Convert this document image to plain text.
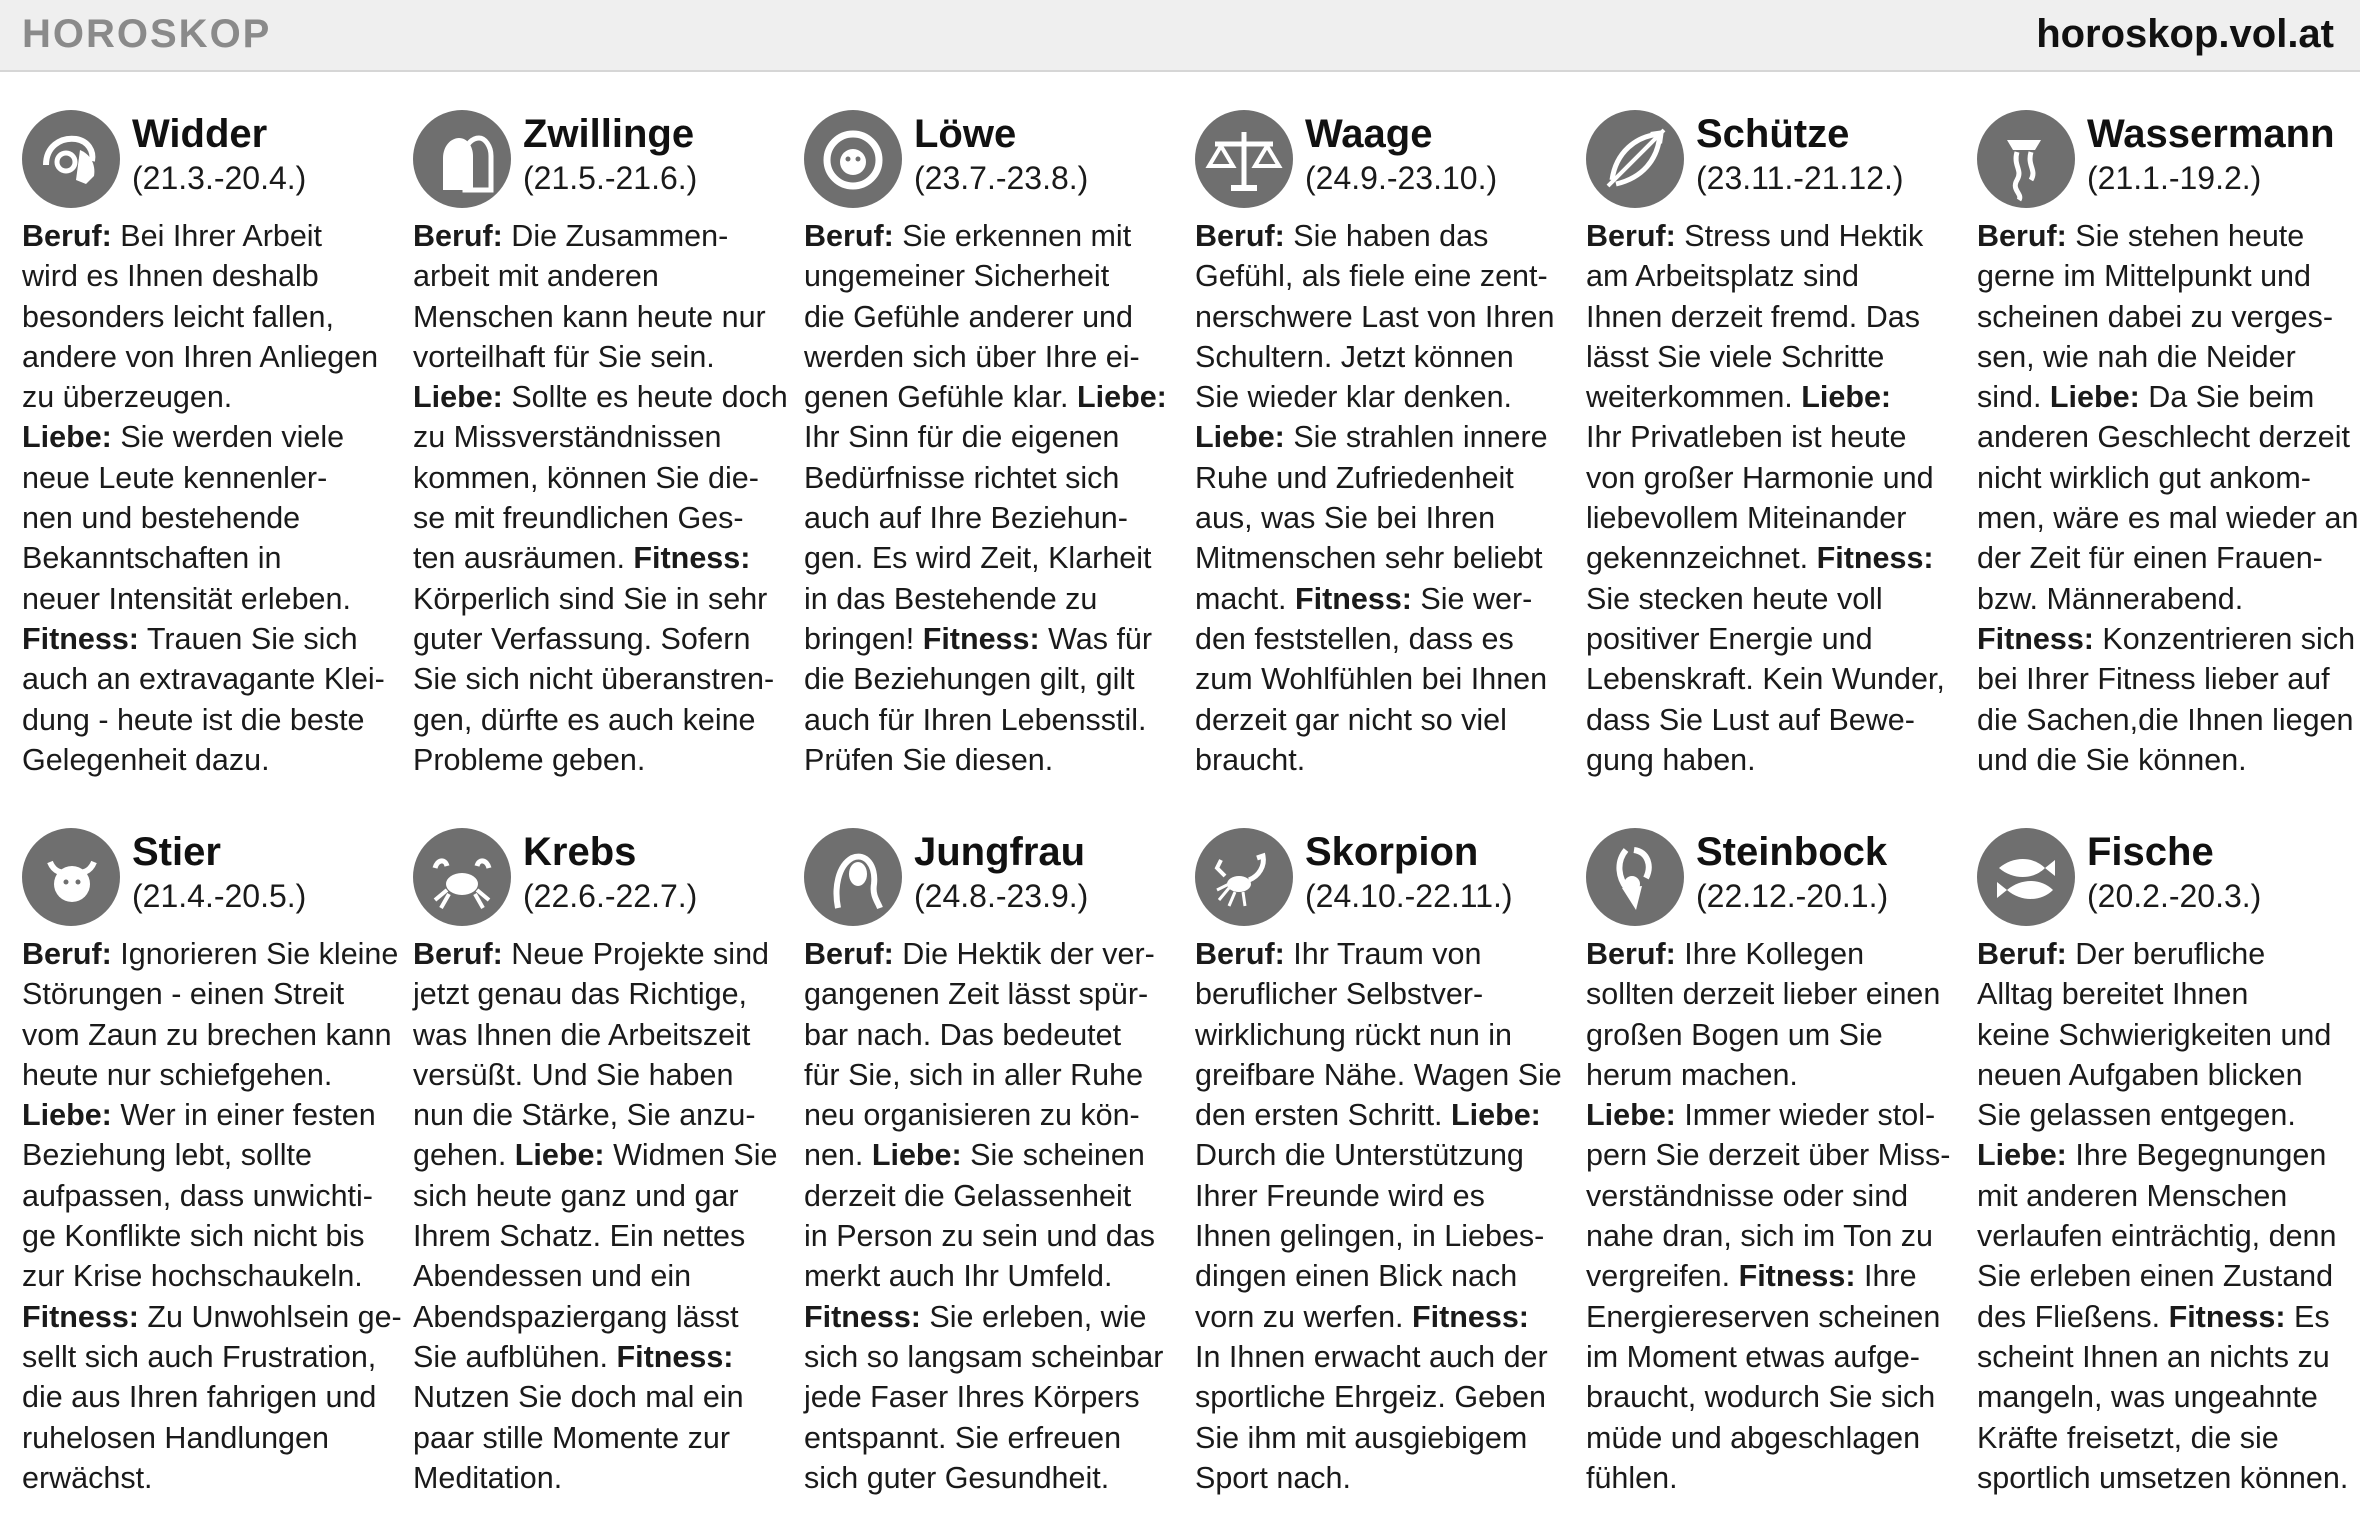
HOROSKOP	horoskop.vol.at
Widder
(21.3.-20.4.)
Beruf: Bei Ihrer Arbeit
wird es Ihnen deshalb
besonders leicht fallen,
andere von Ihren Anliegen
zu überzeugen.
Liebe: Sie werden viele
neue Leute kennenler-
nen und bestehende
Bekanntschaften in
neuer Intensität erleben.
Fitness: Trauen Sie sich
auch an extravagante Klei-
dung - heute ist die beste
Gelegenheit dazu.
Zwillinge
(21.5.-21.6.)
Beruf: Die Zusammen-
arbeit mit anderen
Menschen kann heute nur
vorteilhaft für Sie sein.
Liebe: Sollte es heute doch
zu Missverständnissen
kommen, können Sie die-
se mit freundlichen Ges-
ten ausräumen. Fitness:
Körperlich sind Sie in sehr
guter Verfassung. Sofern
Sie sich nicht überanstren-
gen, dürfte es auch keine
Probleme geben.
Löwe
(23.7.-23.8.)
Beruf: Sie erkennen mit
ungemeiner Sicherheit
die Gefühle anderer und
werden sich über Ihre ei-
genen Gefühle klar. Liebe:
Ihr Sinn für die eigenen
Bedürfnisse richtet sich
auch auf Ihre Beziehun-
gen. Es wird Zeit, Klarheit
in das Bestehende zu
bringen! Fitness: Was für
die Beziehungen gilt, gilt
auch für Ihren Lebensstil.
Prüfen Sie diesen.
Waage
(24.9.-23.10.)
Beruf: Sie haben das
Gefühl, als fiele eine zent-
nerschwere Last von Ihren
Schultern. Jetzt können
Sie wieder klar denken.
Liebe: Sie strahlen innere
Ruhe und Zufriedenheit
aus, was Sie bei Ihren
Mitmenschen sehr beliebt
macht. Fitness: Sie wer-
den feststellen, dass es
zum Wohlfühlen bei Ihnen
derzeit gar nicht so viel
braucht.
Schütze
(23.11.-21.12.)
Beruf: Stress und Hektik
am Arbeitsplatz sind
Ihnen derzeit fremd. Das
lässt Sie viele Schritte
weiterkommen. Liebe:
Ihr Privatleben ist heute
von großer Harmonie und
liebevollem Miteinander
gekennzeichnet. Fitness:
Sie stecken heute voll
positiver Energie und
Lebenskraft. Kein Wunder,
dass Sie Lust auf Bewe-
gung haben.
Wassermann
(21.1.-19.2.)
Beruf: Sie stehen heute
gerne im Mittelpunkt und
scheinen dabei zu verges-
sen, wie nah die Neider
sind. Liebe: Da Sie beim
anderen Geschlecht derzeit
nicht wirklich gut ankom-
men, wäre es mal wieder an
der Zeit für einen Frauen-
bzw. Männerabend.
Fitness: Konzentrieren sich
bei Ihrer Fitness lieber auf
die Sachen,die Ihnen liegen
und die Sie können.
Stier
(21.4.-20.5.)
Beruf: Ignorieren Sie kleine
Störungen - einen Streit
vom Zaun zu brechen kann
heute nur schiefgehen.
Liebe: Wer in einer festen
Beziehung lebt, sollte
aufpassen, dass unwichti-
ge Konflikte sich nicht bis
zur Krise hochschaukeln.
Fitness: Zu Unwohlsein ge-
sellt sich auch Frustration,
die aus Ihren fahrigen und
ruhelosen Handlungen
erwächst.
Krebs
(22.6.-22.7.)
Beruf: Neue Projekte sind
jetzt genau das Richtige,
was Ihnen die Arbeitszeit
versüßt. Und Sie haben
nun die Stärke, Sie anzu-
gehen. Liebe: Widmen Sie
sich heute ganz und gar
Ihrem Schatz. Ein nettes
Abendessen und ein
Abendspaziergang lässt
Sie aufblühen. Fitness:
Nutzen Sie doch mal ein
paar stille Momente zur
Meditation.
Jungfrau
(24.8.-23.9.)
Beruf: Die Hektik der ver-
gangenen Zeit lässt spür-
bar nach. Das bedeutet
für Sie, sich in aller Ruhe
neu organisieren zu kön-
nen. Liebe: Sie scheinen
derzeit die Gelassenheit
in Person zu sein und das
merkt auch Ihr Umfeld.
Fitness: Sie erleben, wie
sich so langsam scheinbar
jede Faser Ihres Körpers
entspannt. Sie erfreuen
sich guter Gesundheit.
Skorpion
(24.10.-22.11.)
Beruf: Ihr Traum von
beruflicher Selbstver-
wirklichung rückt nun in
greifbare Nähe. Wagen Sie
den ersten Schritt. Liebe:
Durch die Unterstützung
Ihrer Freunde wird es
Ihnen gelingen, in Liebes-
dingen einen Blick nach
vorn zu werfen. Fitness:
In Ihnen erwacht auch der
sportliche Ehrgeiz. Geben
Sie ihm mit ausgiebigem
Sport nach.
Steinbock
(22.12.-20.1.)
Beruf: Ihre Kollegen
sollten derzeit lieber einen
großen Bogen um Sie
herum machen.
Liebe: Immer wieder stol-
pern Sie derzeit über Miss-
verständnisse oder sind
nahe dran, sich im Ton zu
vergreifen. Fitness: Ihre
Energiereserven scheinen
im Moment etwas aufge-
braucht, wodurch Sie sich
müde und abgeschlagen
fühlen.
Fische
(20.2.-20.3.)
Beruf: Der berufliche
Alltag bereitet Ihnen
keine Schwierigkeiten und
neuen Aufgaben blicken
Sie gelassen entgegen.
Liebe: Ihre Begegnungen
mit anderen Menschen
verlaufen einträchtig, denn
Sie erleben einen Zustand
des Fließens. Fitness: Es
scheint Ihnen an nichts zu
mangeln, was ungeahnte
Kräfte freisetzt, die sie
sportlich umsetzen können.
